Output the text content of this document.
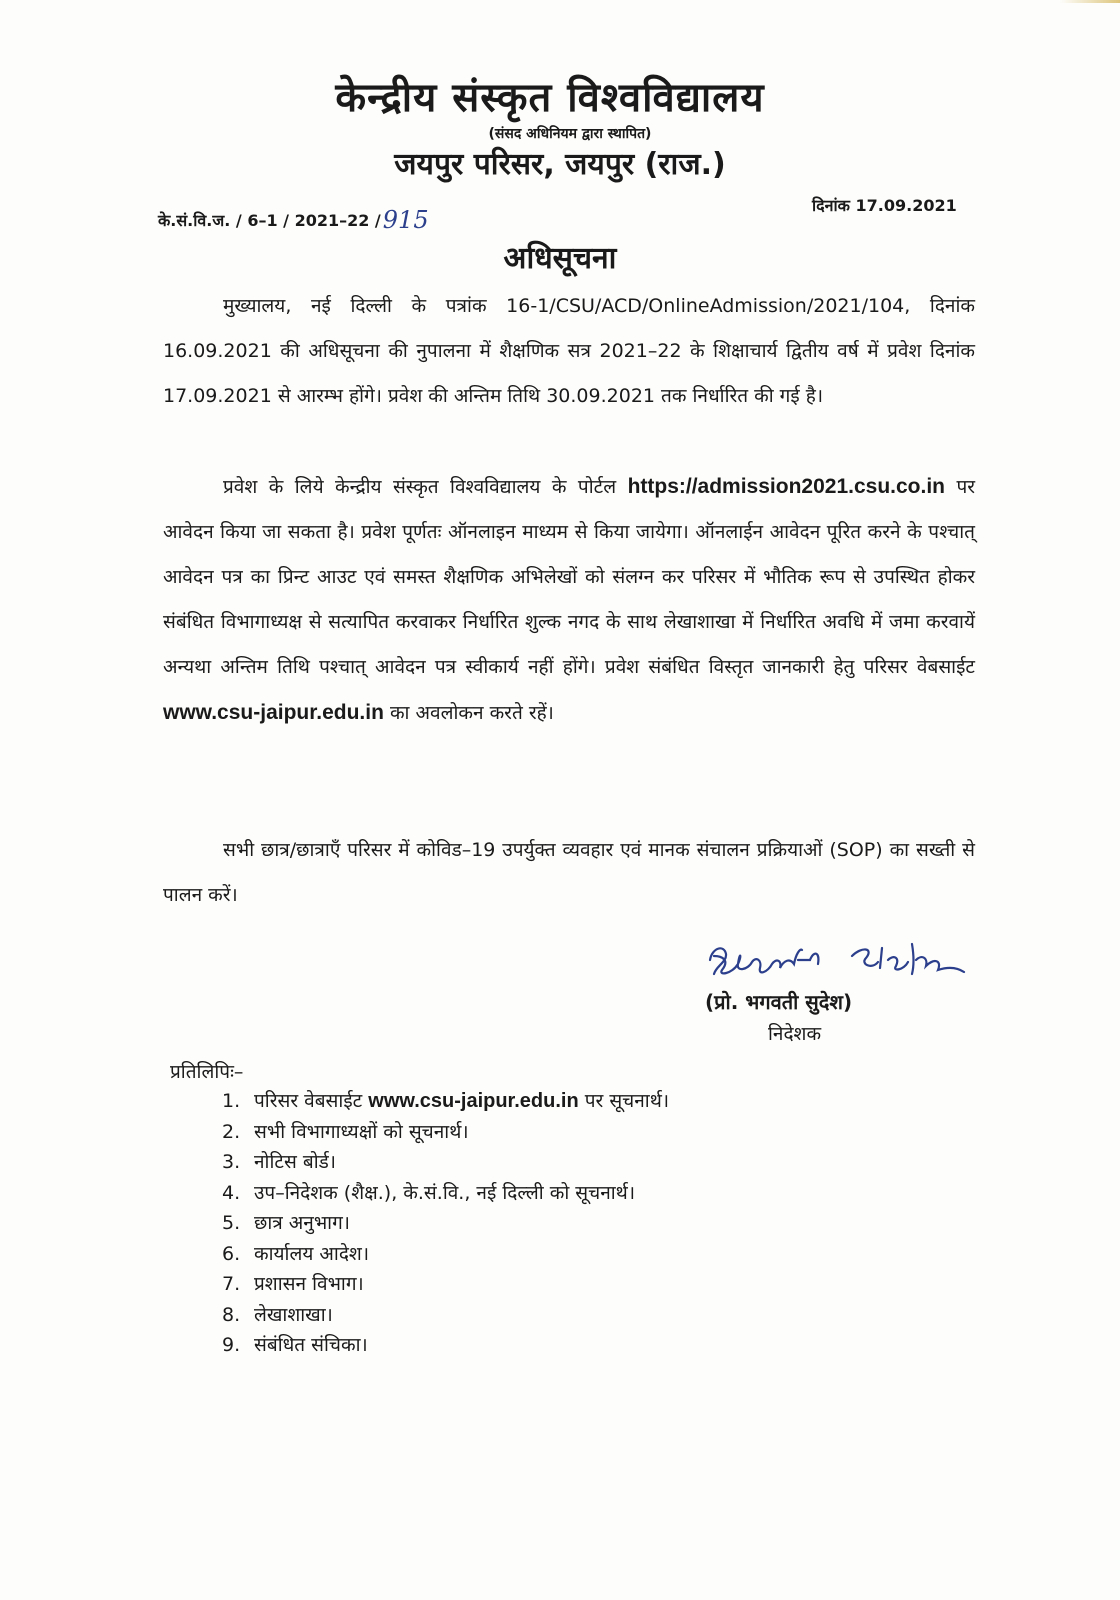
केन्द्रीय संस्कृत विश्वविद्यालय
(संसद अधिनियम द्वारा स्थापित)
जयपुर परिसर, जयपुर (राज.)
के.सं.वि.ज. / 6–1 / 2021–22 /915
दिनांक 17.09.2021
अधिसूचना

मुख्यालय, नई दिल्ली के पत्रांक 16-1/CSU/ACD/OnlineAdmission/2021/104, दिनांक 16.09.2021 की अधिसूचना की नुपालना में शैक्षणिक सत्र 2021–22 के शिक्षाचार्य द्वितीय वर्ष में प्रवेश दिनांक 17.09.2021 से आरम्भ होंगे। प्रवेश की अन्तिम तिथि 30.09.2021 तक निर्धारित की गई है।

प्रवेश के लिये केन्द्रीय संस्कृत विश्वविद्यालय के पोर्टल https://admission2021.csu.co.in पर आवेदन किया जा सकता है। प्रवेश पूर्णतः ऑनलाइन माध्यम से किया जायेगा। ऑनलाईन आवेदन पूरित करने के पश्चात् आवेदन पत्र का प्रिन्ट आउट एवं समस्त शैक्षणिक अभिलेखों को संलग्न कर परिसर में भौतिक रूप से उपस्थित होकर संबंधित विभागाध्यक्ष से सत्यापित करवाकर निर्धारित शुल्क नगद के साथ लेखाशाखा में निर्धारित अवधि में जमा करवायें अन्यथा अन्तिम तिथि पश्चात् आवेदन पत्र स्वीकार्य नहीं होंगे। प्रवेश संबंधित विस्तृत जानकारी हेतु परिसर वेबसाईट www.csu-jaipur.edu.in का अवलोकन करते रहें।

सभी छात्र/छात्राएँ परिसर में कोविड–19 उपर्युक्त व्यवहार एवं मानक संचालन प्रक्रियाओं (SOP) का सख्ती से पालन करें।

(प्रो. भगवती सुदेश)
निदेशक
प्रतिलिपिः–
1. परिसर वेबसाईट www.csu-jaipur.edu.in पर सूचनार्थ।
2. सभी विभागाध्यक्षों को सूचनार्थ।
3. नोटिस बोर्ड।
4. उप–निदेशक (शैक्ष.), के.सं.वि., नई दिल्ली को सूचनार्थ।
5. छात्र अनुभाग।
6. कार्यालय आदेश।
7. प्रशासन विभाग।
8. लेखाशाखा।
9. संबंधित संचिका।
